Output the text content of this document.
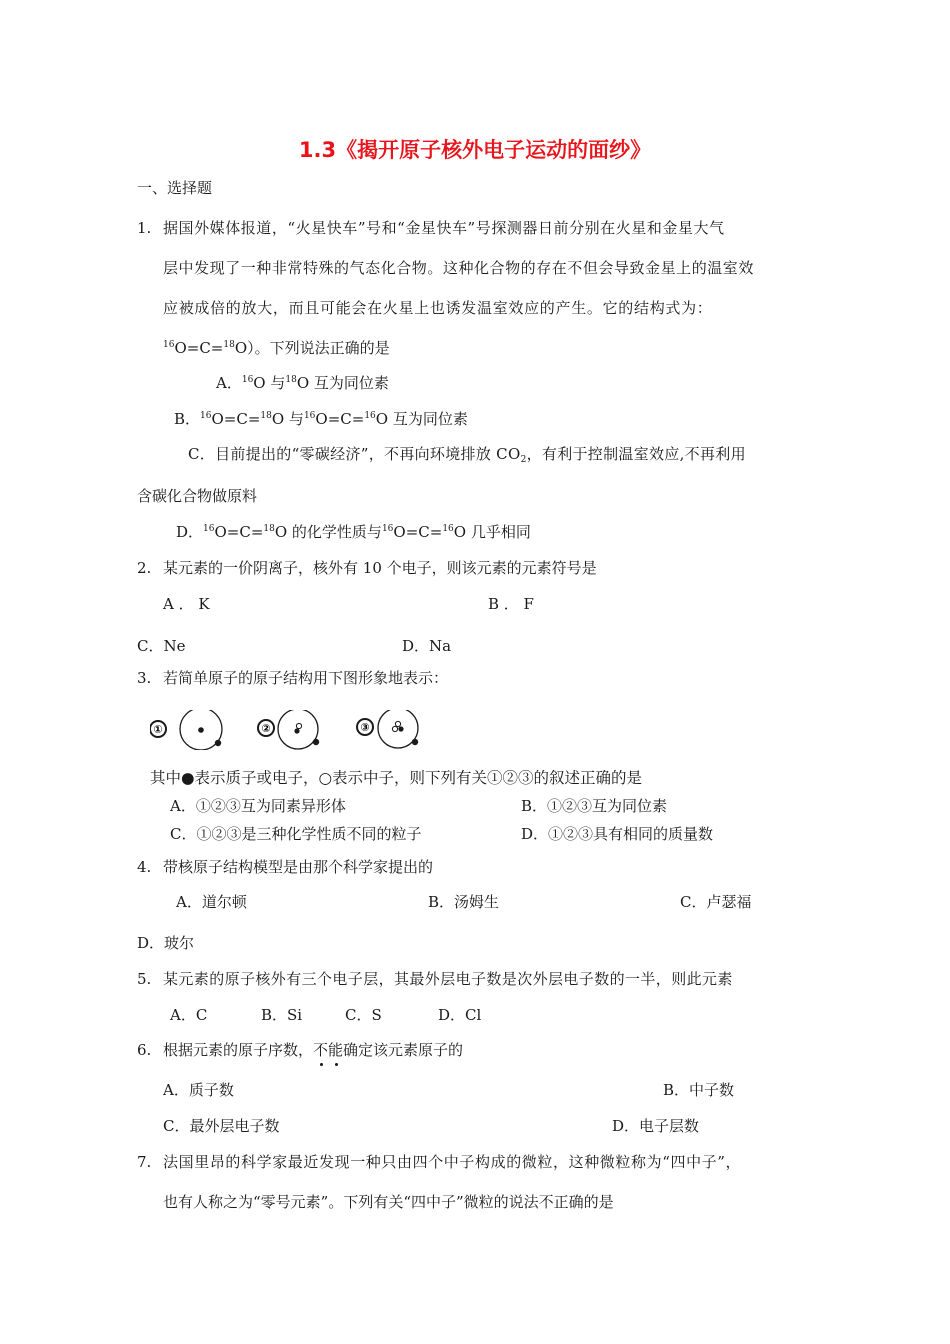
1.3《揭开原子核外电子运动的面纱》
一、选择题
1. 据国外媒体报道，“火星快车”号和“金星快车”号探测器日前分别在火星和金星大气
层中发现了一种非常特殊的气态化合物。这种化合物的存在不但会导致金星上的温室效
应被成倍的放大，而且可能会在火星上也诱发温室效应的产生。它的结构式为：
$^{16}$O=C=$^{18}$O）。下列说法正确的是
A．$^{16}$O 与$^{18}$O 互为同位素
B．$^{16}$O=C=$^{18}$O 与$^{16}$O=C=$^{16}$O 互为同位素
C．目前提出的“零碳经济”，不再向环境排放 $CO_2$，有利于控制温室效应,不再利用
含碳化合物做原料
D．$^{16}$O=C=$^{18}$O 的化学性质与$^{16}$O=C=$^{16}$O 几乎相同
2. 某元素的一价阴离子，核外有 10 个电子，则该元素的元素符号是
A ． K	B ． F
C．Ne	D．Na
3. 若简单原子的原子结构用下图形象地表示：
①	②	③
其中●表示质子或电子，○表示中子，则下列有关①②③的叙述正确的是
A．①②③互为同素异形体	B．①②③互为同位素
C．①②③是三种化学性质不同的粒子	D．①②③具有相同的质量数
4. 带核原子结构模型是由那个科学家提出的
A．道尔顿	B．汤姆生	C．卢瑟福
D．玻尔
5. 某元素的原子核外有三个电子层，其最外层电子数是次外层电子数的一半，则此元素
A．C	B．Si	C．S	D．Cl
6. 根据元素的原子序数，不能确定该元素原子的
A．质子数	B．中子数
C．最外层电子数	D．电子层数
7. 法国里昂的科学家最近发现一种只由四个中子构成的微粒，这种微粒称为“四中子”，
也有人称之为“零号元素”。下列有关“四中子”微粒的说法不正确的是
